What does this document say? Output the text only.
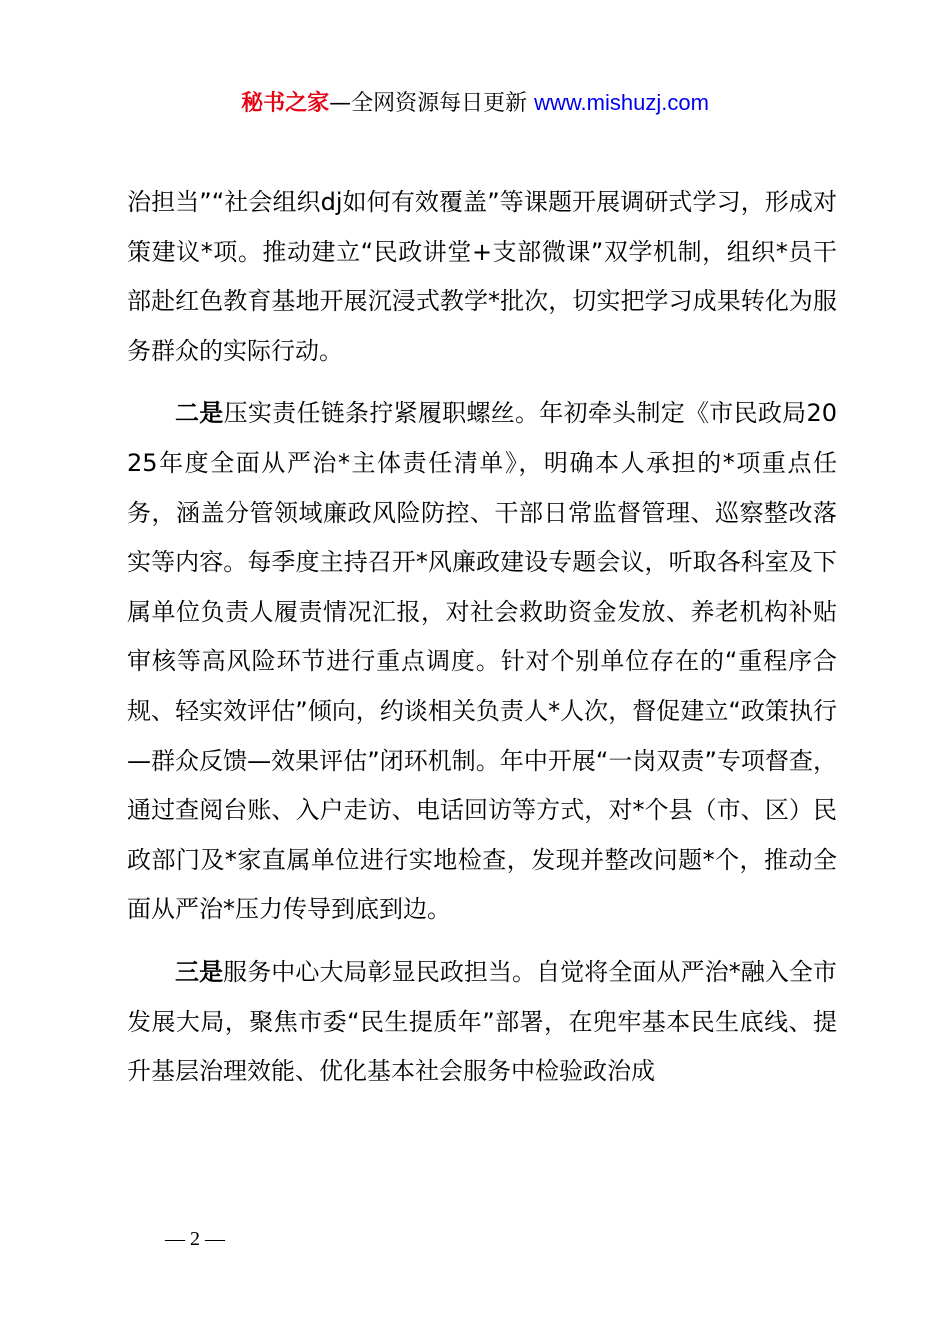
秘书之家—全网资源每日更新 www.mishuzj.com

治担当”“社会组织dj如何有效覆盖”等课题开展调研式学习，形成对策建议*项。推动建立“民政讲堂+支部微课”双学机制，组织*员干部赴红色教育基地开展沉浸式教学*批次，切实把学习成果转化为服务群众的实际行动。

二是压实责任链条拧紧履职螺丝。年初牵头制定《市民政局2025年度全面从严治*主体责任清单》，明确本人承担的*项重点任务，涵盖分管领域廉政风险防控、干部日常监督管理、巡察整改落实等内容。每季度主持召开*风廉政建设专题会议，听取各科室及下属单位负责人履责情况汇报，对社会救助资金发放、养老机构补贴审核等高风险环节进行重点调度。针对个别单位存在的“重程序合规、轻实效评估”倾向，约谈相关负责人*人次，督促建立“政策执行—群众反馈—效果评估”闭环机制。年中开展“一岗双责”专项督查，通过查阅台账、入户走访、电话回访等方式，对*个县（市、区）民政部门及*家直属单位进行实地检查，发现并整改问题*个，推动全面从严治*压力传导到底到边。

三是服务中心大局彰显民政担当。自觉将全面从严治*融入全市发展大局，聚焦市委“民生提质年”部署，在兜牢基本民生底线、提升基层治理效能、优化基本社会服务中检验政治成

— 2 —
